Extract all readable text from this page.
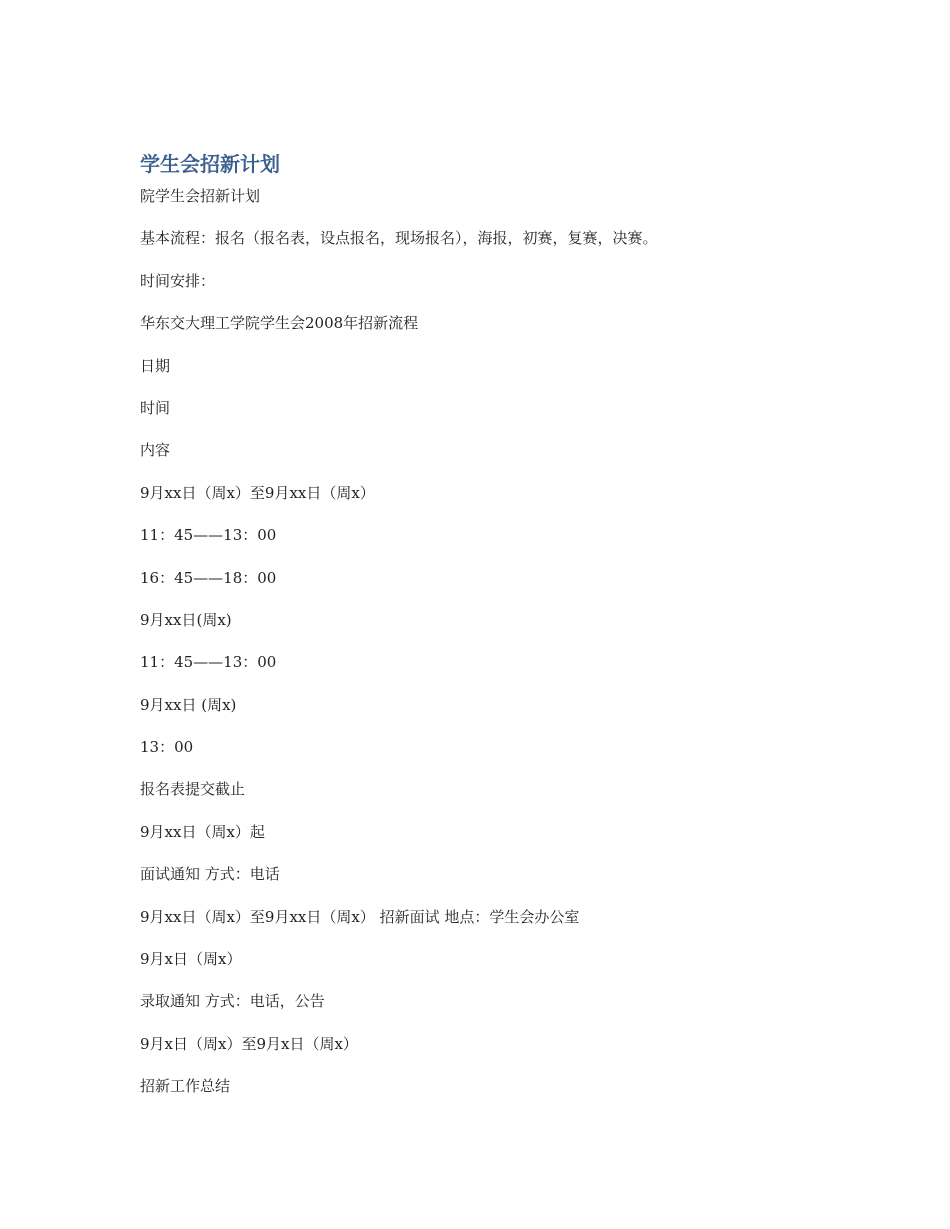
学生会招新计划

院学生会招新计划

基本流程：报名（报名表，设点报名，现场报名），海报，初赛，复赛，决赛。

时间安排：

华东交大理工学院学生会2008年招新流程

日期

时间

内容

9月xx日（周x）至9月xx日（周x）

11：45——13：00

16：45——18：00

9月xx日(周x)

11：45——13：00

9月xx日 (周x)

13：00

报名表提交截止

9月xx日（周x）起

面试通知 方式：电话

9月xx日（周x）至9月xx日（周x） 招新面试 地点：学生会办公室

9月x日（周x）

录取通知 方式：电话，公告

9月x日（周x）至9月x日（周x）

招新工作总结
